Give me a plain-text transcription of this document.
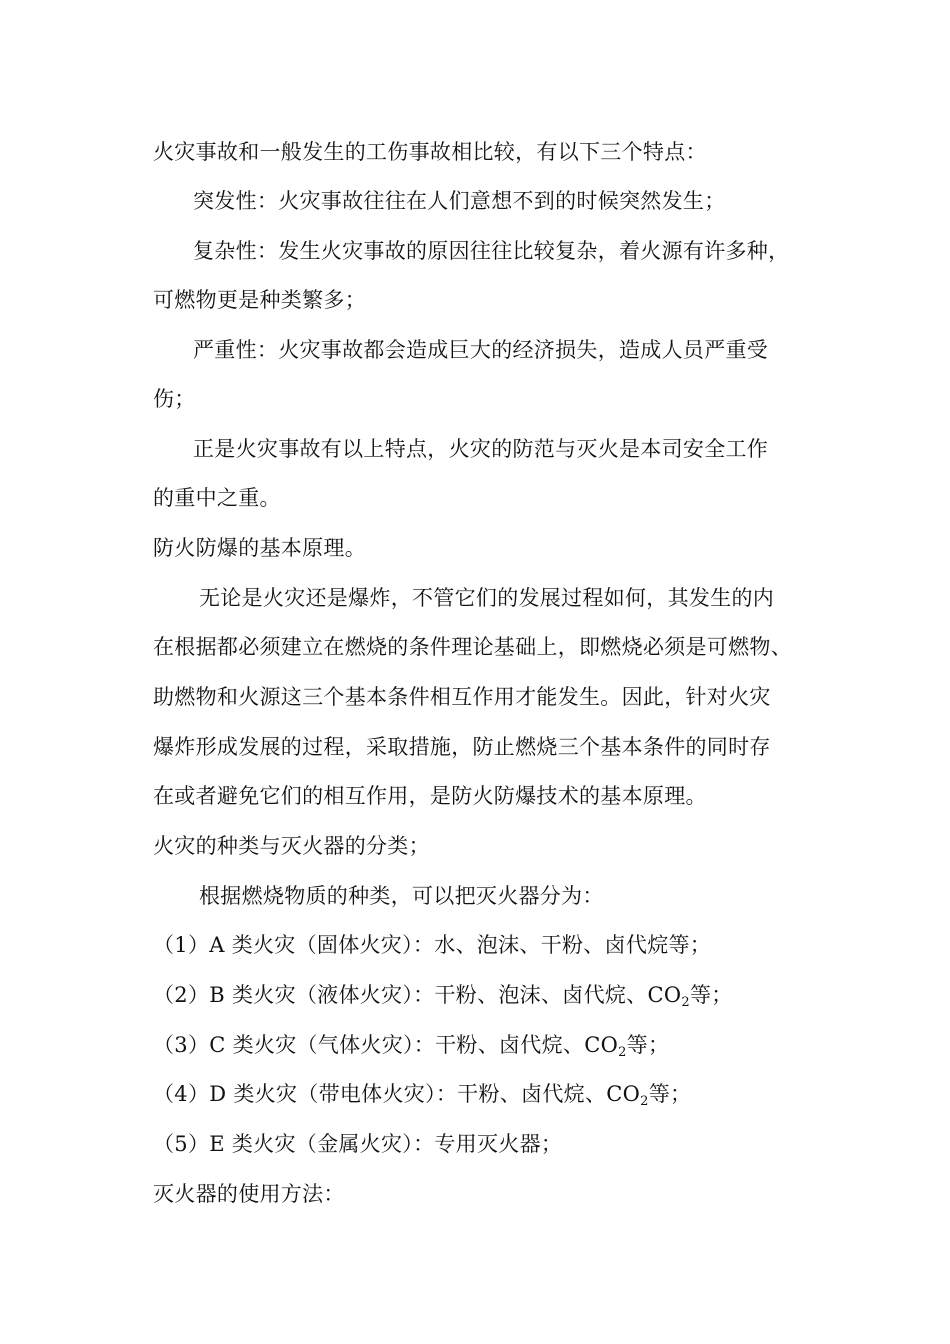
火灾事故和一般发生的工伤事故相比较，有以下三个特点：
突发性：火灾事故往往在人们意想不到的时候突然发生；
复杂性：发生火灾事故的原因往往比较复杂，着火源有许多种，
可燃物更是种类繁多；
严重性：火灾事故都会造成巨大的经济损失，造成人员严重受
伤；
正是火灾事故有以上特点，火灾的防范与灭火是本司安全工作
的重中之重。
防火防爆的基本原理。
无论是火灾还是爆炸，不管它们的发展过程如何，其发生的内
在根据都必须建立在燃烧的条件理论基础上，即燃烧必须是可燃物、
助燃物和火源这三个基本条件相互作用才能发生。因此，针对火灾
爆炸形成发展的过程，采取措施，防止燃烧三个基本条件的同时存
在或者避免它们的相互作用，是防火防爆技术的基本原理。
火灾的种类与灭火器的分类；
根据燃烧物质的种类，可以把灭火器分为：
（1）A 类火灾（固体火灾）：水、泡沫、干粉、卤代烷等；
（2）B 类火灾（液体火灾）：干粉、泡沫、卤代烷、$CO_2$等；
（3）C 类火灾（气体火灾）：干粉、卤代烷、$CO_2$等；
（4）D 类火灾（带电体火灾）：干粉、卤代烷、$CO_2$等；
（5）E 类火灾（金属火灾）：专用灭火器；
灭火器的使用方法：
